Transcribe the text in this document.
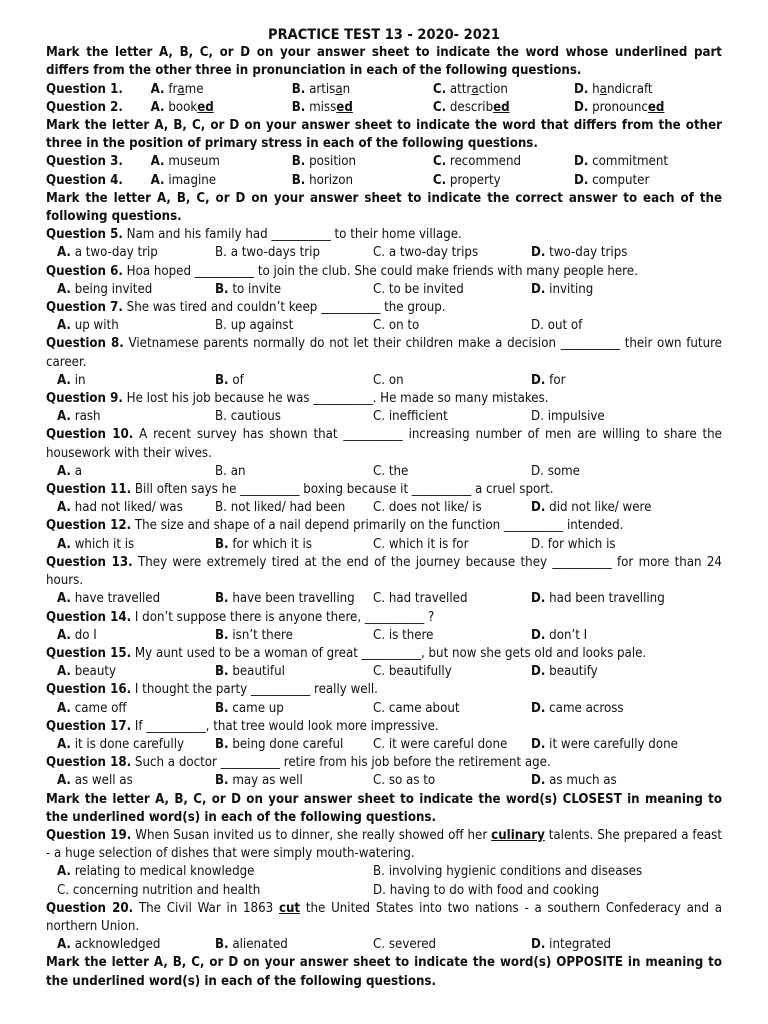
PRACTICE TEST 13 - 2020- 2021
Mark the letter A, B, C, or D on your answer sheet to indicate the word whose underlined part differs from the other three in pronunciation in each of the following questions.
Question 1.	A. frame	B. artisan	C. attraction	D. handicraft
Question 2.	A. booked	B. missed	C. described	D. pronounced
Mark the letter A, B, C, or D on your answer sheet to indicate the word that differs from the other three in the position of primary stress in each of the following questions.
Question 3.	A. museum	B. position	C. recommend	D. commitment
Question 4.	A. imagine	B. horizon	C. property	D. computer
Mark the letter A, B, C, or D on your answer sheet to indicate the correct answer to each of the following questions.
Question 5. Nam and his family had __________ to their home village.
A. a two-day trip	B. a two-days trip	C. a two-day trips	D. two-day trips
Question 6. Hoa hoped __________ to join the club. She could make friends with many people here.
A. being invited	B. to invite	C. to be invited	D. inviting
Question 7. She was tired and couldn’t keep __________ the group.
A. up with	B. up against	C. on to	D. out of
Question 8. Vietnamese parents normally do not let their children make a decision __________ their own future career.
A. in	B. of	C. on	D. for
Question 9. He lost his job because he was __________. He made so many mistakes.
A. rash	B. cautious	C. inefficient	D. impulsive
Question 10. A recent survey has shown that __________ increasing number of men are willing to share the housework with their wives.
A. a	B. an	C. the	D. some
Question 11. Bill often says he __________ boxing because it __________ a cruel sport.
A. had not liked/ was	B. not liked/ had been	C. does not like/ is	D. did not like/ were
Question 12. The size and shape of a nail depend primarily on the function __________ intended.
A. which it is	B. for which it is	C. which it is for	D. for which is
Question 13. They were extremely tired at the end of the journey because they __________ for more than 24 hours.
A. have travelled	B. have been travelling	C. had travelled	D. had been travelling
Question 14. I don’t suppose there is anyone there, __________ ?
A. do I	B. isn’t there	C. is there	D. don’t I
Question 15. My aunt used to be a woman of great __________, but now she gets old and looks pale.
A. beauty	B. beautiful	C. beautifully	D. beautify
Question 16. I thought the party __________ really well.
A. came off	B. came up	C. came about	D. came across
Question 17. If __________, that tree would look more impressive.
A. it is done carefully	B. being done careful	C. it were careful done	D. it were carefully done
Question 18. Such a doctor __________ retire from his job before the retirement age.
A. as well as	B. may as well	C. so as to	D. as much as
Mark the letter A, B, C, or D on your answer sheet to indicate the word(s) CLOSEST in meaning to the underlined word(s) in each of the following questions.
Question 19. When Susan invited us to dinner, she really showed off her culinary talents. She prepared a feast - a huge selection of dishes that were simply mouth-watering.
A. relating to medical knowledge	B. involving hygienic conditions and diseases
C. concerning nutrition and health	D. having to do with food and cooking
Question 20. The Civil War in 1863 cut the United States into two nations - a southern Confederacy and a northern Union.
A. acknowledged	B. alienated	C. severed	D. integrated
Mark the letter A, B, C, or D on your answer sheet to indicate the word(s) OPPOSITE in meaning to the underlined word(s) in each of the following questions.
